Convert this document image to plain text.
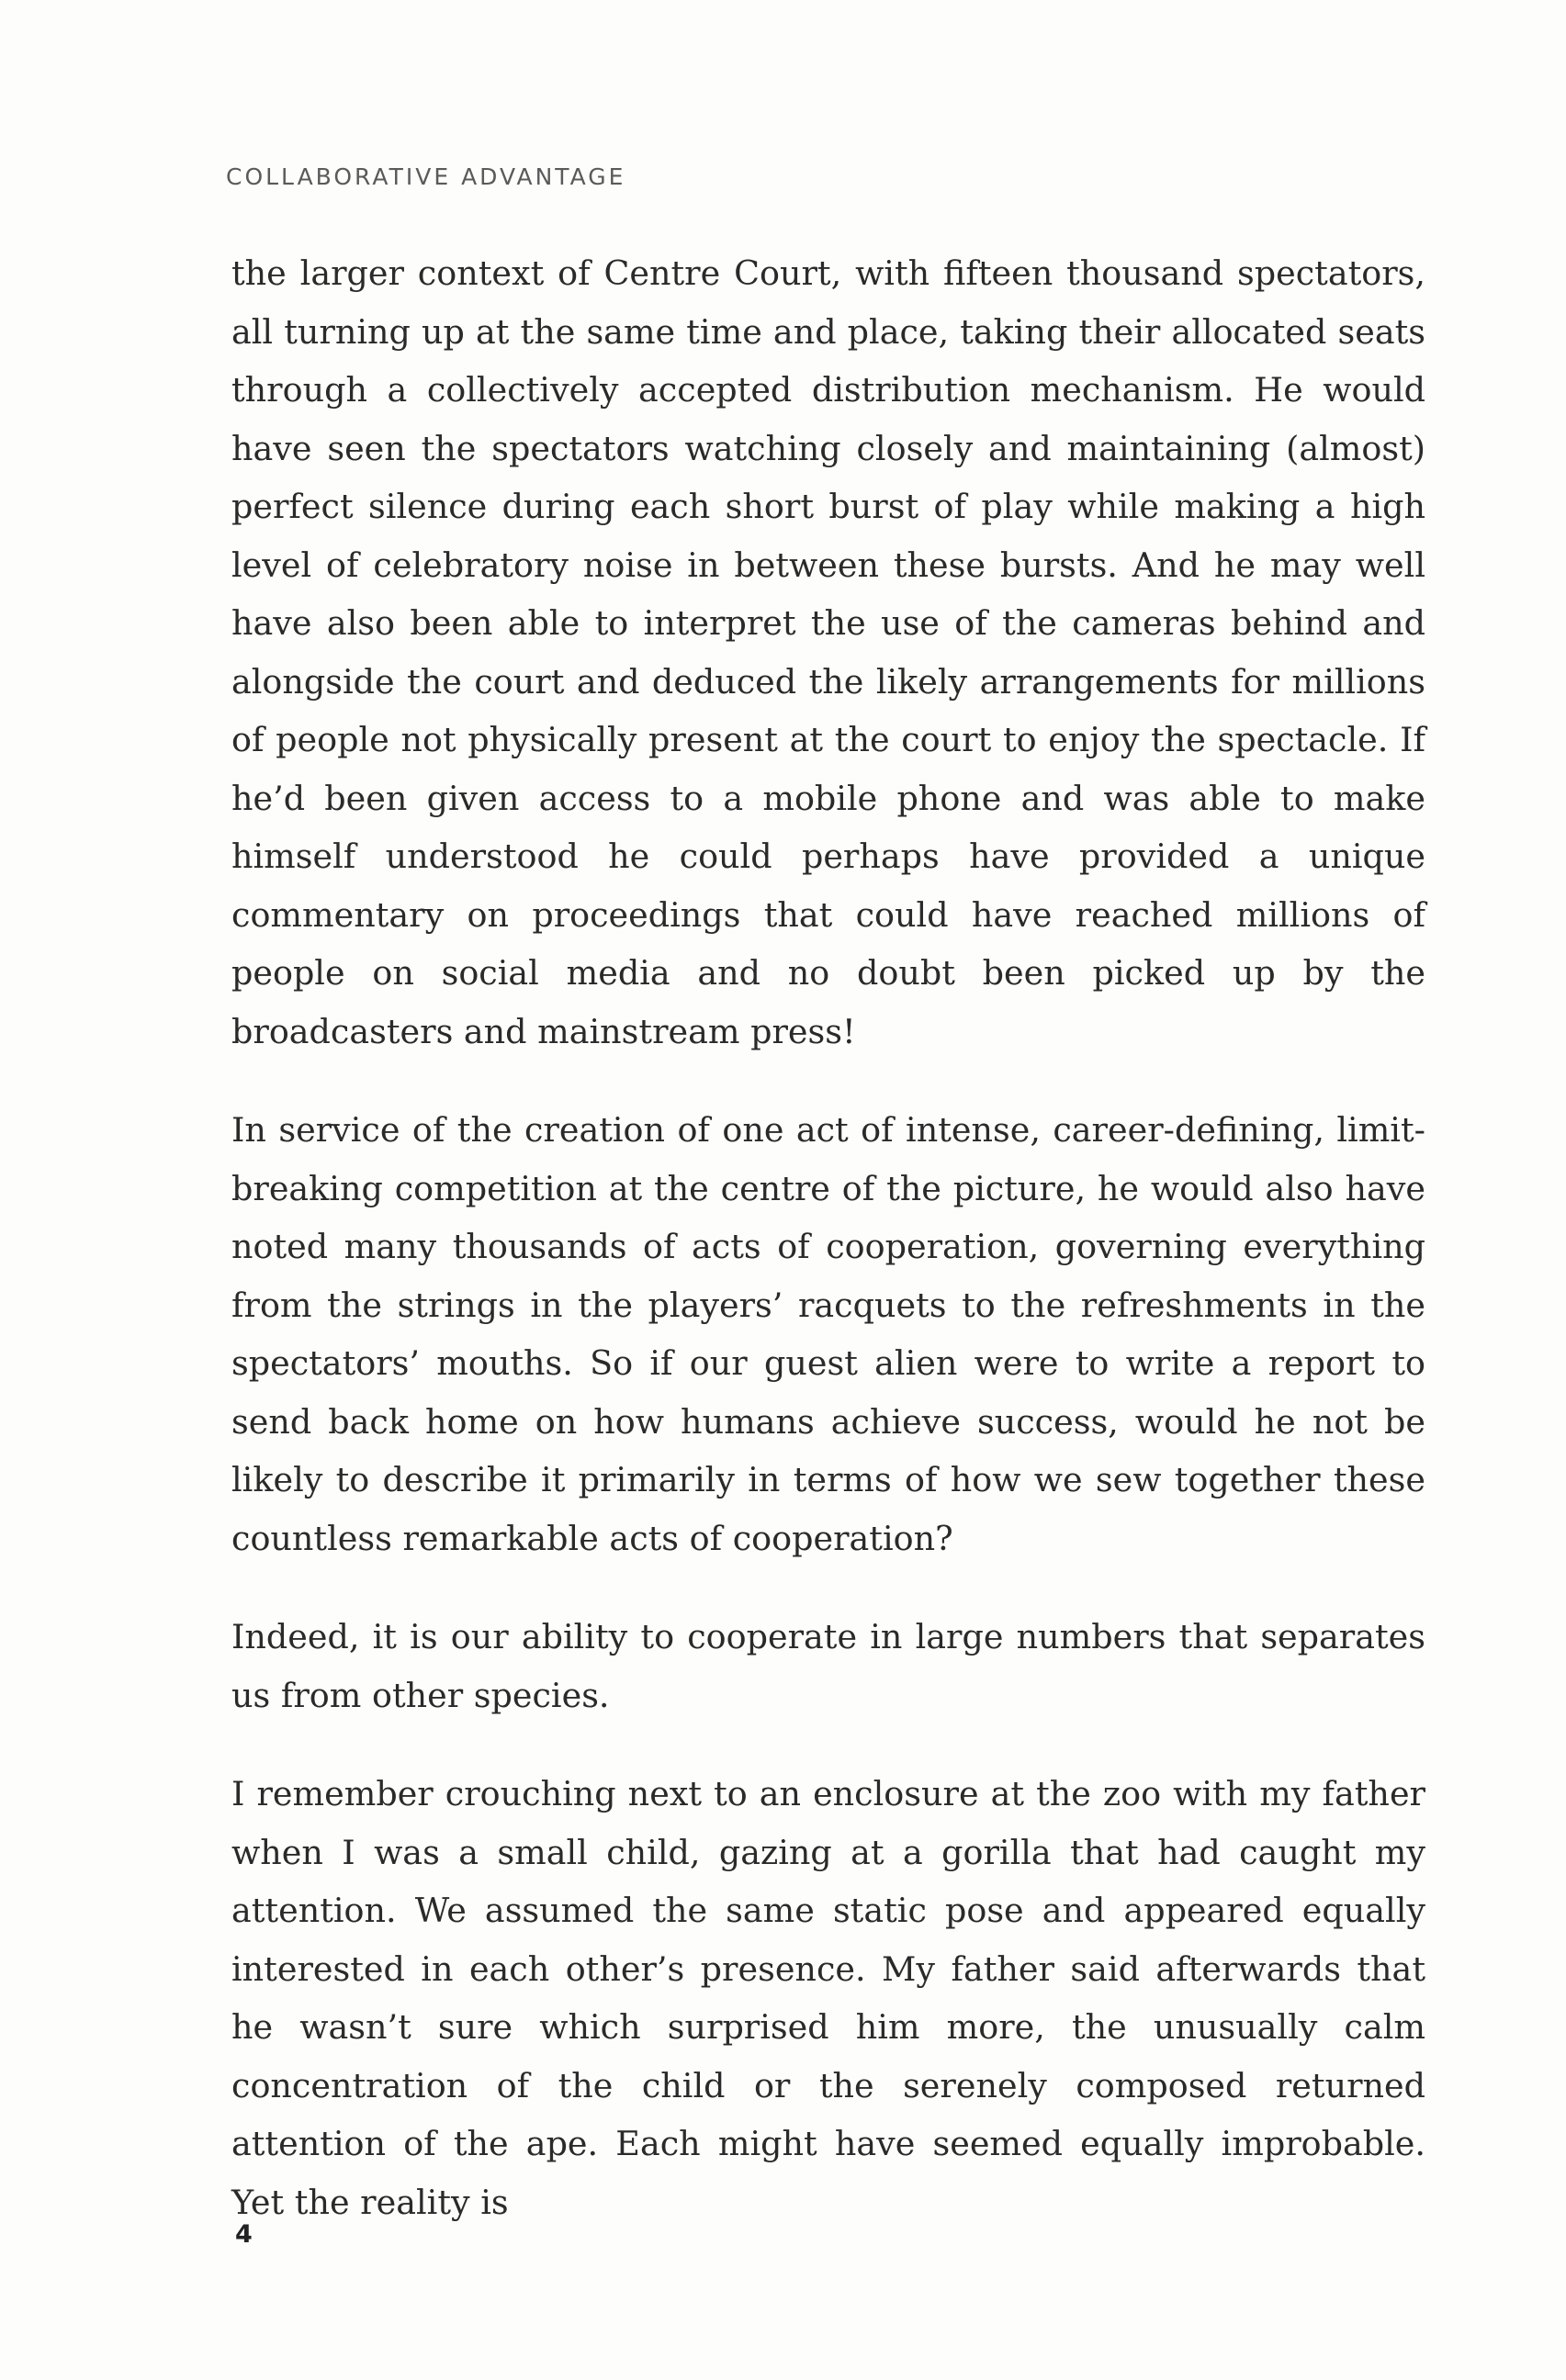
COLLABORATIVE ADVANTAGE

the larger context of Centre Court, with fifteen thousand spectators, all turning up at the same time and place, taking their allocated seats through a collectively accepted distribution mechanism. He would have seen the spectators watching closely and maintaining (almost) perfect silence during each short burst of play while making a high level of celebratory noise in between these bursts. And he may well have also been able to interpret the use of the cameras behind and alongside the court and deduced the likely arrangements for millions of people not physically present at the court to enjoy the spectacle. If he’d been given access to a mobile phone and was able to make himself understood he could perhaps have provided a unique commentary on proceedings that could have reached millions of people on social media and no doubt been picked up by the broadcasters and mainstream press!

In service of the creation of one act of intense, career-defining, limit-breaking competition at the centre of the picture, he would also have noted many thousands of acts of cooperation, governing everything from the strings in the players’ racquets to the refreshments in the spectators’ mouths. So if our guest alien were to write a report to send back home on how humans achieve success, would he not be likely to describe it primarily in terms of how we sew together these countless remarkable acts of cooperation?

Indeed, it is our ability to cooperate in large numbers that separates us from other species.

I remember crouching next to an enclosure at the zoo with my father when I was a small child, gazing at a gorilla that had caught my attention. We assumed the same static pose and appeared equally interested in each other’s presence. My father said afterwards that he wasn’t sure which surprised him more, the unusually calm concentration of the child or the serenely composed returned attention of the ape. Each might have seemed equally improbable. Yet the reality is

4
